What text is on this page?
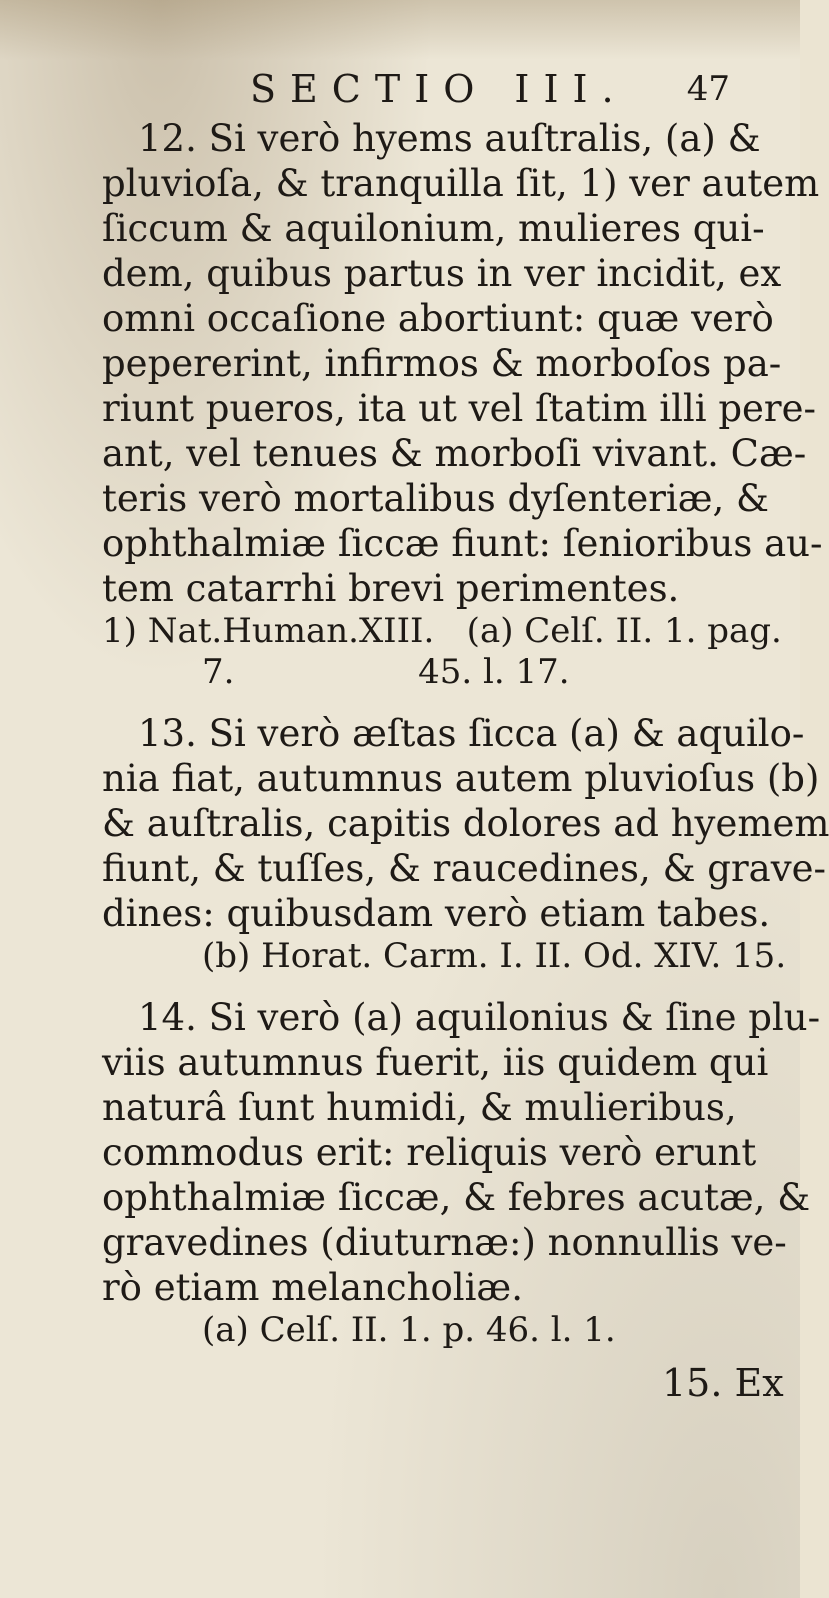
SECTIO III. 47
12. Si verò hyems auſtralis, (a) &
pluvioſa, & tranquilla ſit, 1) ver autem
ſiccum & aquilonium, mulieres qui-
dem, quibus partus in ver incidit, ex
omni occaſione abortiunt: quæ verò
pepererint, infirmos & morboſos pa-
riunt pueros, ita ut vel ſtatim illi pere-
ant, vel tenues & morboſi vivant. Cæ-
teris verò mortalibus dyſenteriæ, &
ophthalmiæ ſiccæ fiunt: ſenioribus au-
tem catarrhi brevi perimentes.
1) Nat.Human.XIII.   (a) Celſ. II. 1. pag.
7.                 45. l. 17.
13. Si verò æſtas ſicca (a) & aquilo-
nia fiat, autumnus autem pluvioſus (b)
& auſtralis, capitis dolores ad hyemem
fiunt, & tuſſes, & raucedines, & grave-
dines: quibusdam verò etiam tabes.
(b) Horat. Carm. I. II. Od. XIV. 15.
14. Si verò (a) aquilonius & ſine plu-
viis autumnus fuerit, iis quidem qui
naturâ ſunt humidi, & mulieribus,
commodus erit: reliquis verò erunt
ophthalmiæ ſiccæ, & febres acutæ, &
gravedines (diuturnæ:) nonnullis ve-
rò etiam melancholiæ.
(a) Celſ. II. 1. p. 46. l. 1.
15. Ex
